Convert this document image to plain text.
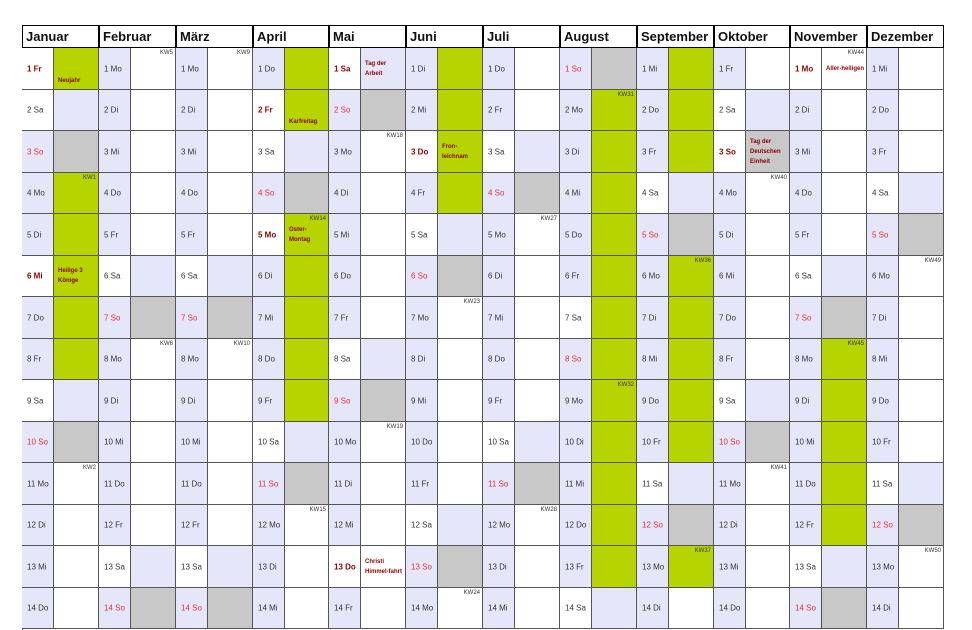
Januar
1 Fr
Neujahr
2 Sa
3 So
4 Mo
KW1
5 Di
6 Mi
Heilige 3 Könige
7 Do
8 Fr
9 Sa
10 So
11 Mo
KW2
12 Di
13 Mi
14 Do
Februar
1 Mo
KW5
2 Di
3 Mi
4 Do
5 Fr
6 Sa
7 So
8 Mo
KW6
9 Di
10 Mi
11 Do
12 Fr
13 Sa
14 So
März
1 Mo
KW9
2 Di
3 Mi
4 Do
5 Fr
6 Sa
7 So
8 Mo
KW10
9 Di
10 Mi
11 Do
12 Fr
13 Sa
14 So
April
1 Do
2 Fr
Karfreitag
3 Sa
4 So
5 Mo
KW14
Oster-Montag
6 Di
7 Mi
8 Do
9 Fr
10 Sa
11 So
12 Mo
KW15
13 Di
14 Mi
Mai
1 Sa
Tag der Arbeit
2 So
3 Mo
KW18
4 Di
5 Mi
6 Do
7 Fr
8 Sa
9 So
10 Mo
KW19
11 Di
12 Mi
13 Do
Christi Himmel-fahrt
14 Fr
Juni
1 Di
2 Mi
3 Do
Fron-leichnam
4 Fr
5 Sa
6 So
7 Mo
KW23
8 Di
9 Mi
10 Do
11 Fr
12 Sa
13 So
14 Mo
KW24
Juli
1 Do
2 Fr
3 Sa
4 So
5 Mo
KW27
6 Di
7 Mi
8 Do
9 Fr
10 Sa
11 So
12 Mo
KW28
13 Di
14 Mi
August
1 So
2 Mo
KW31
3 Di
4 Mi
5 Do
6 Fr
7 Sa
8 So
9 Mo
KW32
10 Di
11 Mi
12 Do
13 Fr
14 Sa
September
1 Mi
2 Do
3 Fr
4 Sa
5 So
6 Mo
KW36
7 Di
8 Mi
9 Do
10 Fr
11 Sa
12 So
13 Mo
KW37
14 Di
Oktober
1 Fr
2 Sa
3 So
Tag der Deutschen Einheit
4 Mo
KW40
5 Di
6 Mi
7 Do
8 Fr
9 Sa
10 So
11 Mo
KW41
12 Di
13 Mi
14 Do
November
1 Mo
KW44
Aller-heiligen
2 Di
3 Mi
4 Do
5 Fr
6 Sa
7 So
8 Mo
KW45
9 Di
10 Mi
11 Do
12 Fr
13 Sa
14 So
Dezember
1 Mi
2 Do
3 Fr
4 Sa
5 So
6 Mo
KW49
7 Di
8 Mi
9 Do
10 Fr
11 Sa
12 So
13 Mo
KW50
14 Di
